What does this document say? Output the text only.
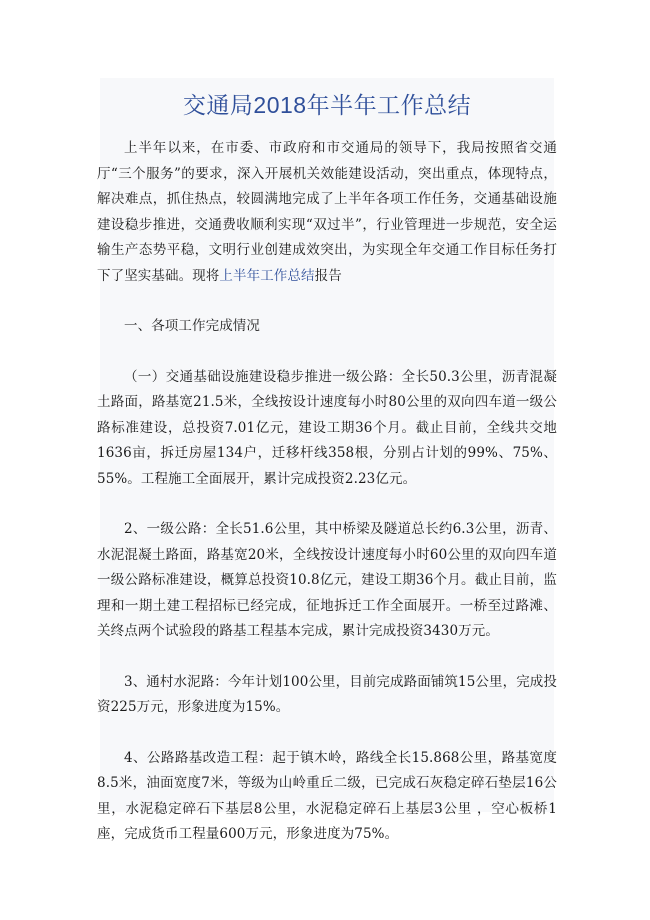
交通局2018年半年工作总结

上半年以来，在市委、市政府和市交通局的领导下，我局按照省交通厅“三个服务”的要求，深入开展机关效能建设活动，突出重点，体现特点，解决难点，抓住热点，较圆满地完成了上半年各项工作任务，交通基础设施建设稳步推进，交通费收顺利实现“双过半”，行业管理进一步规范，安全运输生产态势平稳，文明行业创建成效突出，为实现全年交通工作目标任务打下了坚实基础。现将上半年工作总结报告

一、各项工作完成情况

（一）交通基础设施建设稳步推进一级公路：全长50.3公里，沥青混凝土路面，路基宽21.5米，全线按设计速度每小时80公里的双向四车道一级公路标准建设，总投资7.01亿元，建设工期36个月。截止目前，全线共交地1636亩，拆迁房屋134户，迁移杆线358根，分别占计划的99%、75%、55%。工程施工全面展开，累计完成投资2.23亿元。

2、一级公路：全长51.6公里，其中桥梁及隧道总长约6.3公里，沥青、水泥混凝土路面，路基宽20米，全线按设计速度每小时60公里的双向四车道一级公路标准建设，概算总投资10.8亿元，建设工期36个月。截止目前，监理和一期土建工程招标已经完成，征地拆迁工作全面展开。一桥至过路滩、关终点两个试验段的路基工程基本完成，累计完成投资3430万元。

3、通村水泥路：今年计划100公里，目前完成路面铺筑15公里，完成投资225万元，形象进度为15%。

4、公路路基改造工程：起于镇木岭，路线全长15.868公里，路基宽度8.5米，油面宽度7米，等级为山岭重丘二级，已完成石灰稳定碎石垫层16公里，水泥稳定碎石下基层8公里，水泥稳定碎石上基层3公里 ，空心板桥1座，完成货币工程量600万元，形象进度为75%。
